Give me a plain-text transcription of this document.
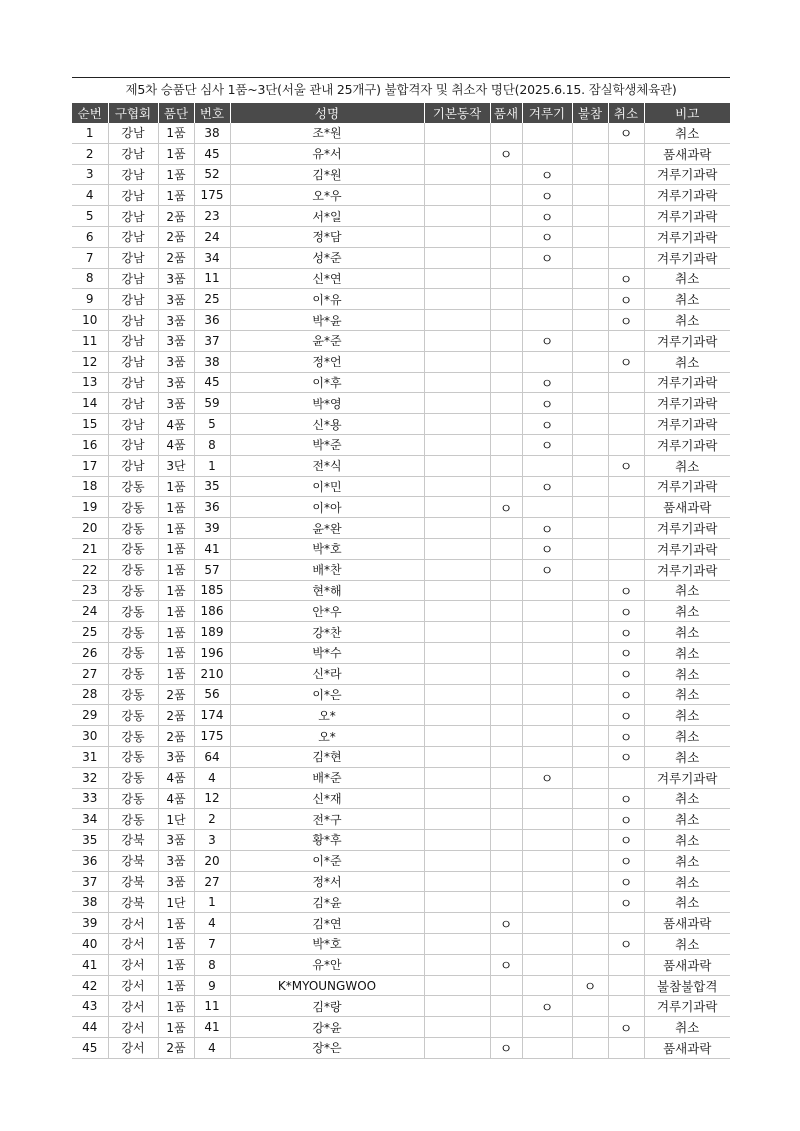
제5차 승품단 심사 1품~3단(서울 관내 25개구) 불합격자 및 취소자 명단(2025.6.15. 잠실학생체육관)
순번	구협회	품단	번호	성명	기본동작	품새	겨루기	불참	취소	비고
1	강남	1품	38	조*원					ㅇ	취소
2	강남	1품	45	유*서		ㅇ				품새과락
3	강남	1품	52	김*원			ㅇ			겨루기과락
4	강남	1품	175	오*우			ㅇ			겨루기과락
5	강남	2품	23	서*일			ㅇ			겨루기과락
6	강남	2품	24	정*담			ㅇ			겨루기과락
7	강남	2품	34	성*준			ㅇ			겨루기과락
8	강남	3품	11	신*연					ㅇ	취소
9	강남	3품	25	이*유					ㅇ	취소
10	강남	3품	36	박*윤					ㅇ	취소
11	강남	3품	37	윤*준			ㅇ			겨루기과락
12	강남	3품	38	정*언					ㅇ	취소
13	강남	3품	45	이*후			ㅇ			겨루기과락
14	강남	3품	59	박*영			ㅇ			겨루기과락
15	강남	4품	5	신*용			ㅇ			겨루기과락
16	강남	4품	8	박*준			ㅇ			겨루기과락
17	강남	3단	1	전*식					ㅇ	취소
18	강동	1품	35	이*민			ㅇ			겨루기과락
19	강동	1품	36	이*아		ㅇ				품새과락
20	강동	1품	39	윤*완			ㅇ			겨루기과락
21	강동	1품	41	박*호			ㅇ			겨루기과락
22	강동	1품	57	배*찬			ㅇ			겨루기과락
23	강동	1품	185	현*해					ㅇ	취소
24	강동	1품	186	안*우					ㅇ	취소
25	강동	1품	189	강*찬					ㅇ	취소
26	강동	1품	196	박*수					ㅇ	취소
27	강동	1품	210	신*라					ㅇ	취소
28	강동	2품	56	이*은					ㅇ	취소
29	강동	2품	174	오*					ㅇ	취소
30	강동	2품	175	오*					ㅇ	취소
31	강동	3품	64	김*현					ㅇ	취소
32	강동	4품	4	배*준			ㅇ			겨루기과락
33	강동	4품	12	신*재					ㅇ	취소
34	강동	1단	2	전*구					ㅇ	취소
35	강북	3품	3	황*후					ㅇ	취소
36	강북	3품	20	이*준					ㅇ	취소
37	강북	3품	27	정*서					ㅇ	취소
38	강북	1단	1	김*윤					ㅇ	취소
39	강서	1품	4	김*연		ㅇ				품새과락
40	강서	1품	7	박*호					ㅇ	취소
41	강서	1품	8	유*안		ㅇ				품새과락
42	강서	1품	9	K*MYOUNGWOO				ㅇ		불참불합격
43	강서	1품	11	김*랑			ㅇ			겨루기과락
44	강서	1품	41	강*윤					ㅇ	취소
45	강서	2품	4	장*은		ㅇ				품새과락
